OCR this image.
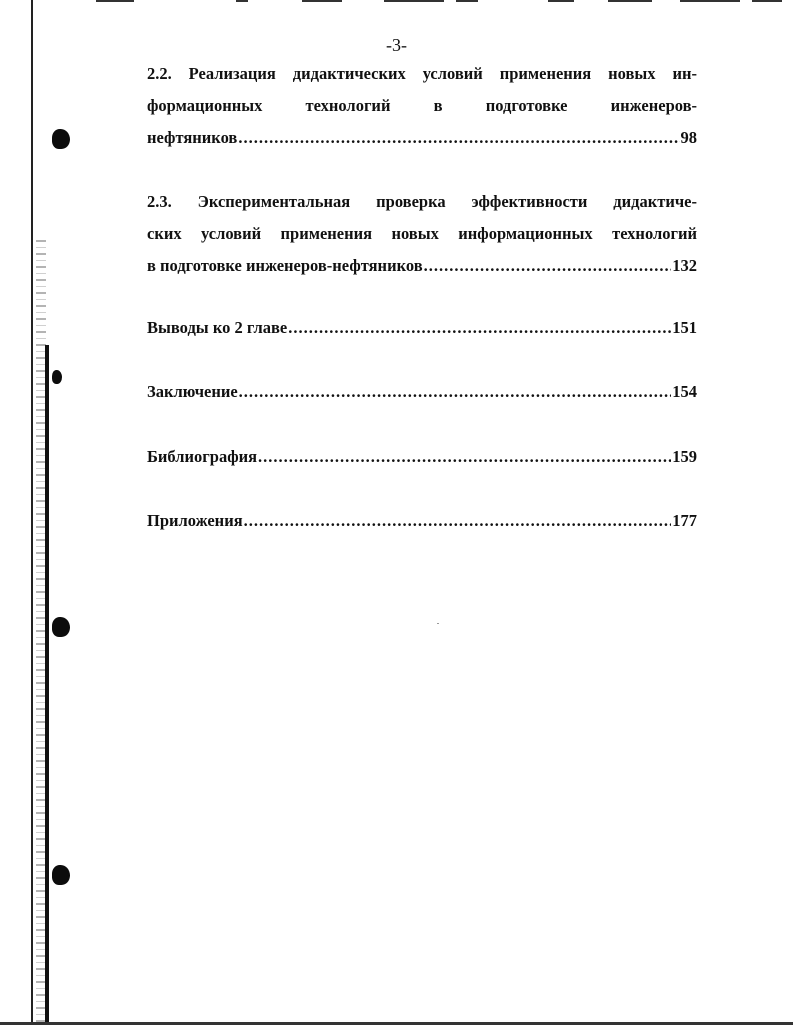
-3-
2.2. Реализация дидактических условий применения новых ин-
формационных технологий в подготовке инженеров-
нефтяников .....	98
2.3. Экспериментальная проверка эффективности дидактиче-
ских условий применения новых информационных технологий
в подготовке инженеров-нефтяников .....	132
Выводы ко 2 главе .....	151
Заключение .....	154
Библиография .....	159
Приложения .....	177
